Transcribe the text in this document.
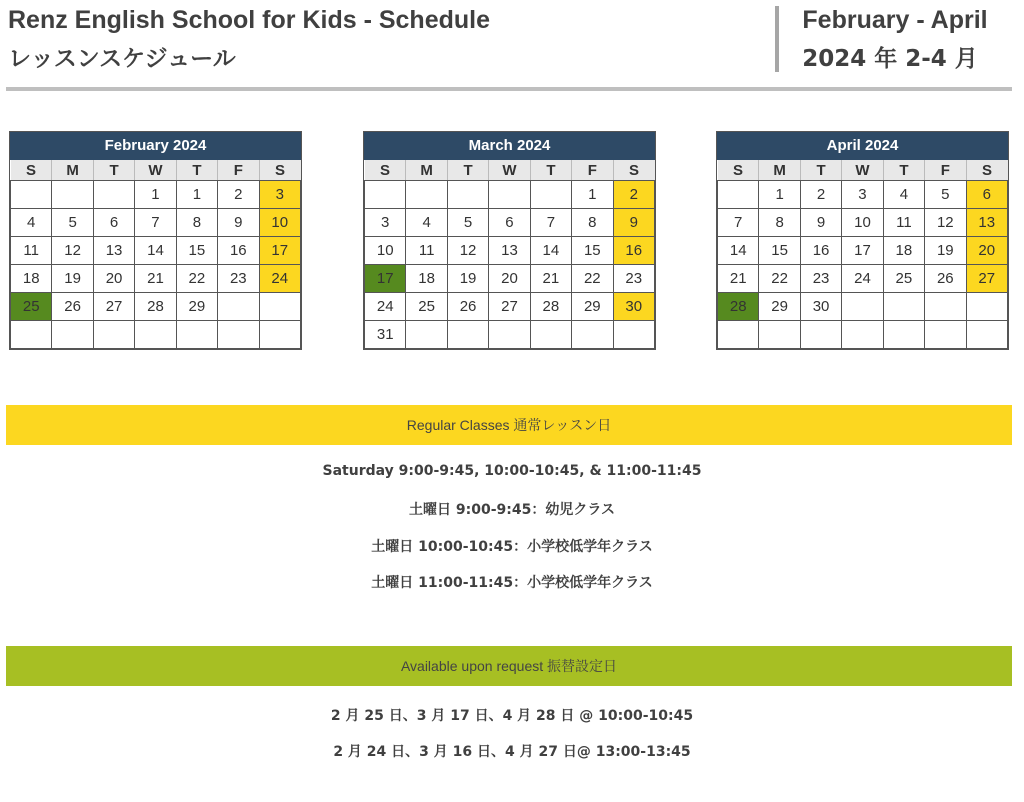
Renz English School for Kids - Schedule
レッスンスケジュール
February - April
2024 年 2-4 月
February 2024
S	M	T	W	T	F	S
			1	1	2	3
4	5	6	7	8	9	10
11	12	13	14	15	16	17
18	19	20	21	22	23	24
25	26	27	28	29		

March 2024
S	M	T	W	T	F	S
					1	2
3	4	5	6	7	8	9
10	11	12	13	14	15	16
17	18	19	20	21	22	23
24	25	26	27	28	29	30
31						
April 2024
S	M	T	W	T	F	S
	1	2	3	4	5	6
7	8	9	10	11	12	13
14	15	16	17	18	19	20
21	22	23	24	25	26	27
28	29	30				

Regular Classes 通常レッスン日
Saturday 9:00-9:45, 10:00-10:45, & 11:00-11:45
土曜日 9:00-9:45：幼児クラス
土曜日 10:00-10:45：小学校低学年クラス
土曜日 11:00-11:45：小学校低学年クラス
Available upon request 振替設定日
2 月 25 日、3 月 17 日、4 月 28 日 @ 10:00-10:45
2 月 24 日、3 月 16 日、4 月 27 日@ 13:00-13:45
